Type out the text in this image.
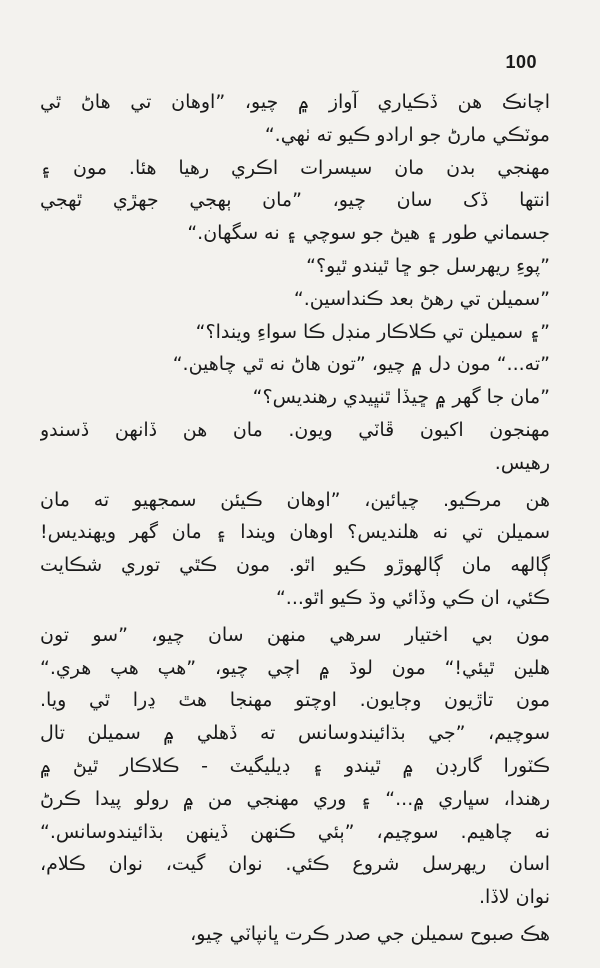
100
اچانڪ هن ڏڪياري آواز ۾ چيو، ”اوهان تي هاڻ ٿي
موٽڪي مارڻ جو ارادو ڪيو ته ٺهي.“
مهنجي بدن مان سيسرات اڪري رهيا هئا. مون ۽
انتها ڏک سان چيو، ”مان ٻهجي جهڙي ٿهجي
جسماني طور ۽ هيڻ جو سوچي ۽ نه سگهان.“
”پوءِ ريهرسل جو ڇا ٿيندو ٿيو؟“
”سميلن تي رهڻ بعد ڪنداسين.“
”۽ سميلن تي ڪلاڪار منڊل ڪا سواءِ ويندا؟“
”ته...“ مون دل ۾ چيو، ”تون هاڻ نه ٿي چاهين.“
”مان جا گهر ۾ ڇيڏا ٿنڀيدي رهنديس؟“
مهنجون اکيون ڦاٽي ويون. مان هن ڏانهن ڏسندو
رهيس.
هن مرڪيو. چيائين، ”اوهان ڪيئن سمجهيو ته مان
سميلن تي نه هلنديس؟ اوهان ويندا ۽ مان گهر ويهنديس!
ڳالهه مان ڳالهوڙو ڪيو اٿو. مون ڪٿي توري شڪايت
ڪئي، ان ڪي وڏائي وڌ ڪيو اٿو...“
مون بي اختيار سرهي منهن سان چيو، ”سو تون
هلين ٿيئي!“ مون لوڌ ۾ اچي چيو، ”هپ هپ هري.“
مون تاڙيون وڄايون. اوچتو مهنجا هٿ ڍرا ٿي ويا.
سوچيم، ”جي بڌائيندوسانس ته ڏهلي ۾ سميلن تال
ڪٽورا گارڊن ۾ ٿيندو ۽ ڊيليگيٽ - ڪلاڪار ٿيڻ ۾
رهندا، سڀاري ۾...“ ۽ وري مهنجي من ۾ رولو پيدا ڪرڻ
نه چاهيم. سوچيم، ”ٻئي ڪنهن ڏينهن بڌائيندوسانس.“
اسان ريهرسل شروع ڪئي. نوان گيت، نوان ڪلام،
نوان لاڏا.
هڪ صبوح سميلن جي صدر ڪرت ڀانپاٽي چيو،
